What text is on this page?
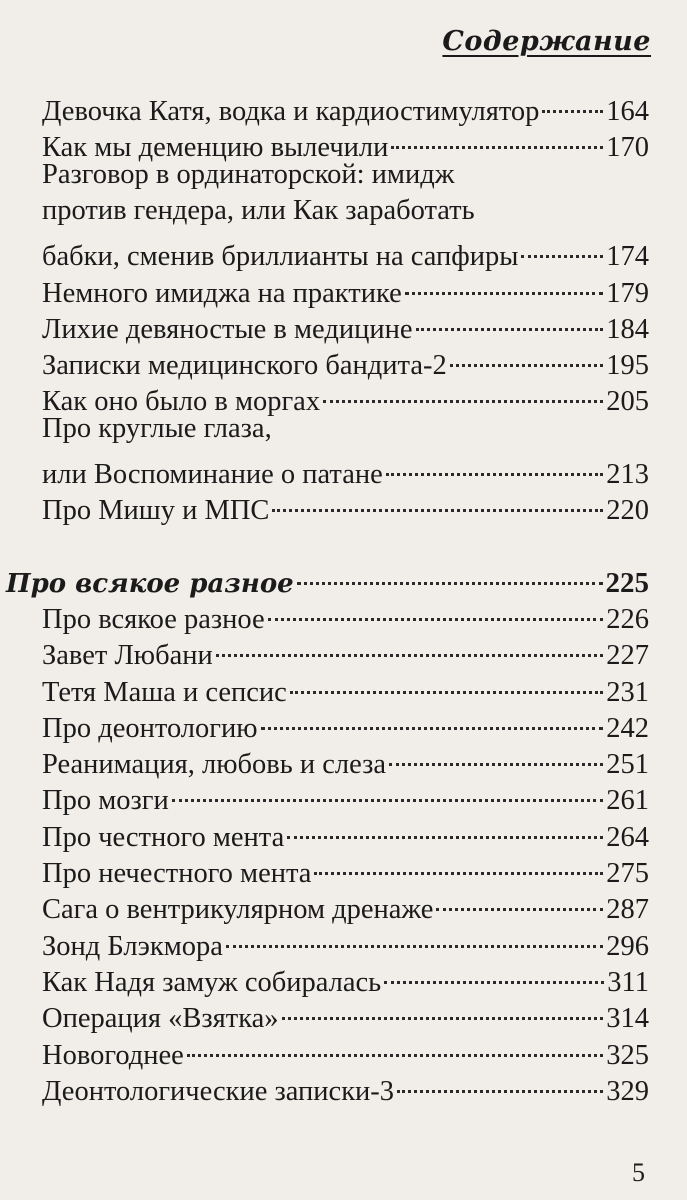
Содержание
Девочка Катя, водка и кардиостимулятор 164
Как мы деменцию вылечили	170
Разговор в ординаторской: имидж
против гендера, или Как заработать
бабки, сменив бриллианты на сапфиры	174
Немного имиджа на практике	179
Лихие девяностые в медицине	184
Записки медицинского бандита-2	195
Как оно было в моргах	205
Про круглые глаза,
или Воспоминание о патане	213
Про Мишу и МПС	220
Про всякое разное	225
Про всякое разное	226
Завет Любани	227
Тетя Маша и сепсис	231
Про деонтологию	242
Реанимация, любовь и слеза	251
Про мозги	261
Про честного мента	264
Про нечестного мента	275
Сага о вентрикулярном дренаже	287
Зонд Блэкмора	296
Как Надя замуж собиралась	311
Операция «Взятка»	314
Новогоднее	325
Деонтологические записки-3	329
5
